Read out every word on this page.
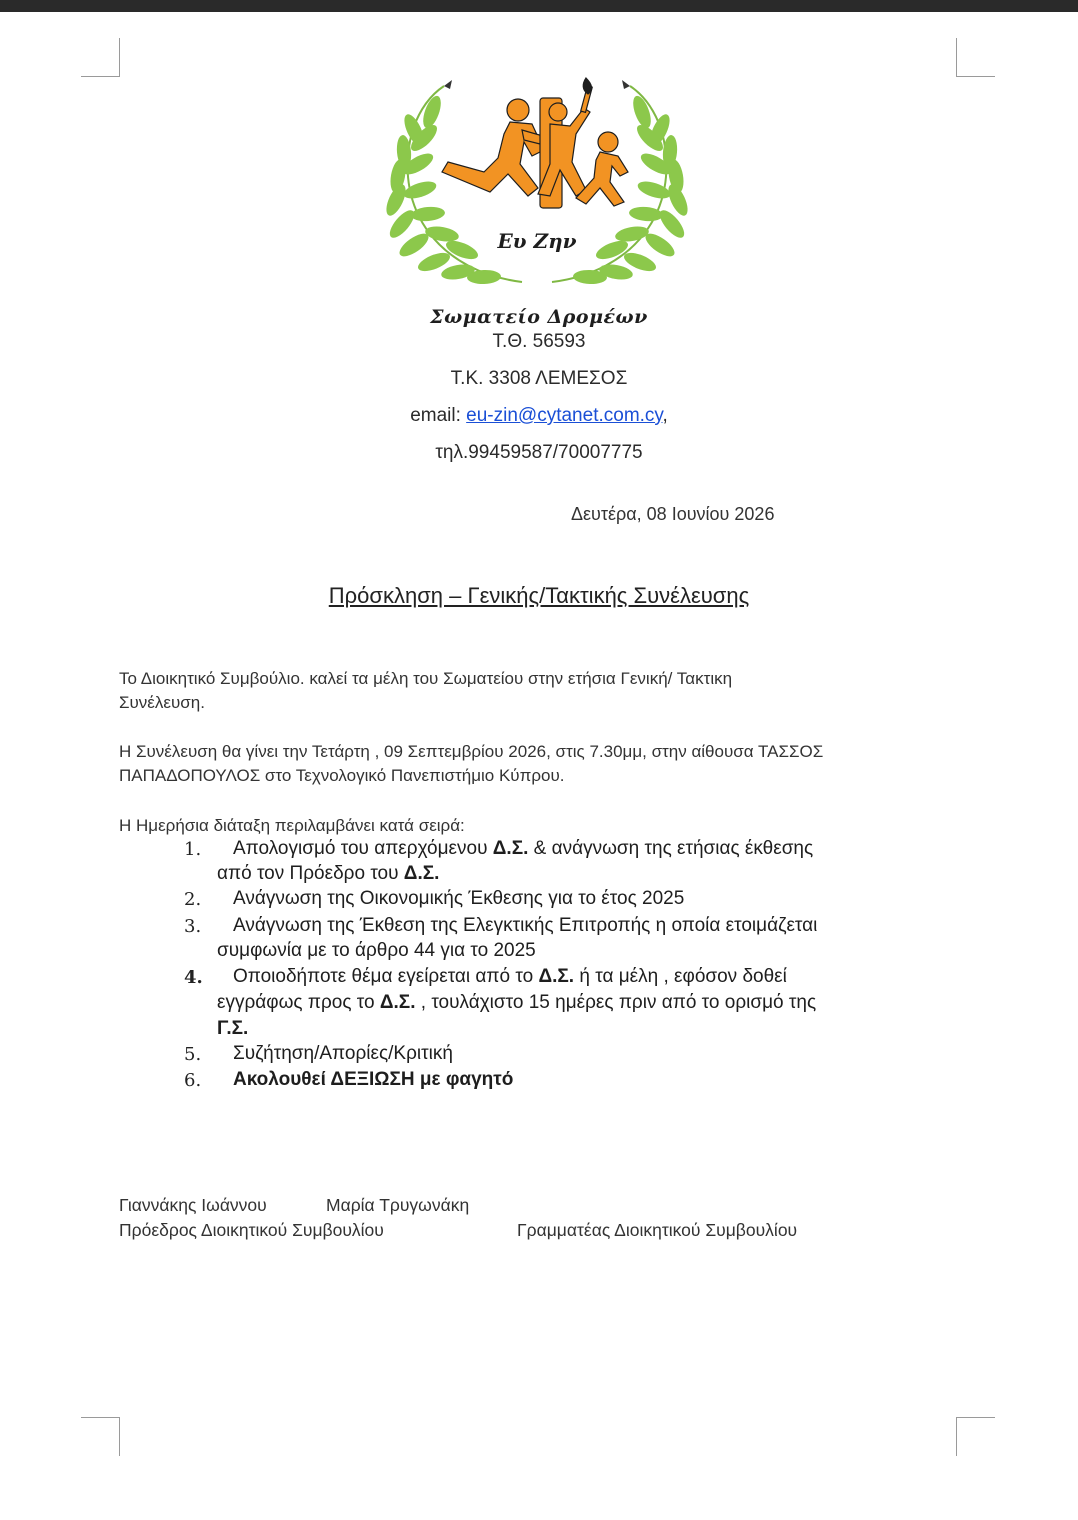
Ευ Ζην
Σωματείο Δρομέων
Τ.Θ. 56593
Τ.Κ. 3308 ΛΕΜΕΣΟΣ
email: eu-zin@cytanet.com.cy,
τηλ.99459587/70007775
Δευτέρα, 08 Ιουνίου 2026
Πρόσκληση – Γενικής/Τακτικής Συνέλευσης
Το Διοικητικό Συμβούλιο. καλεί τα μέλη του Σωματείου στην ετήσια Γενική/ Τακτικη
Συνέλευση.
Η Συνέλευση θα γίνει την Τετάρτη , 09 Σεπτεμβρίου 2026, στις 7.30μμ, στην αίθουσα ΤΑΣΣΟΣ
ΠΑΠΑΔΟΠΟΥΛΟΣ στο Τεχνολογικό Πανεπιστήμιο Κύπρου.
Η Ημερήσια διάταξη περιλαμβάνει κατά σειρά:
1. Απολογισμό του απερχόμενου Δ.Σ. & ανάγνωση της ετήσιας έκθεσης
από τον Πρόεδρο του Δ.Σ.
2. Ανάγνωση της Οικονομικής Έκθεσης για το έτος 2025
3. Ανάγνωση της Έκθεση της Ελεγκτικής Επιτροπής η οποία ετοιμάζεται
συμφωνία με το άρθρο 44 για το 2025
4. Οποιοδήποτε θέμα εγείρεται από το Δ.Σ. ή τα μέλη , εφόσον δοθεί
εγγράφως προς το Δ.Σ. , τουλάχιστο 15 ημέρες πριν από το ορισμό της
Γ.Σ.
5. Συζήτηση/Απορίες/Κριτική
6. Ακολουθεί ΔΕΞΙΩΣΗ με φαγητό
Γιαννάκης Ιωάννου	Μαρία Τρυγωνάκη
Πρόεδρος Διοικητικού Συμβουλίου	Γραμματέας Διοικητικού Συμβουλίου
